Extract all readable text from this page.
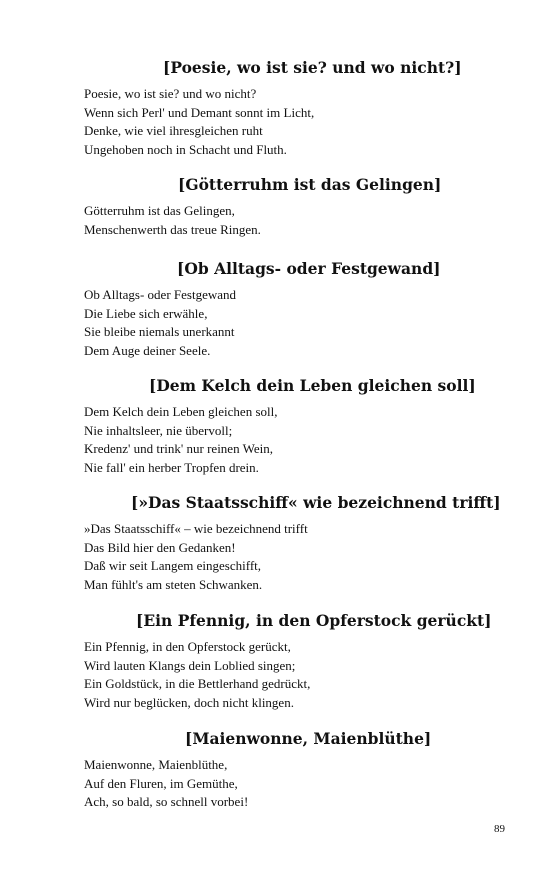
[Poesie, wo ist sie? und wo nicht?]
Poesie, wo ist sie? und wo nicht?
Wenn sich Perl' und Demant sonnt im Licht,
Denke, wie viel ihresgleichen ruht
Ungehoben noch in Schacht und Fluth.
[Götterruhm ist das Gelingen]
Götterruhm ist das Gelingen,
Menschenwerth das treue Ringen.
[Ob Alltags- oder Festgewand]
Ob Alltags- oder Festgewand
Die Liebe sich erwähle,
Sie bleibe niemals unerkannt
Dem Auge deiner Seele.
[Dem Kelch dein Leben gleichen soll]
Dem Kelch dein Leben gleichen soll,
Nie inhaltsleer, nie übervoll;
Kredenz' und trink' nur reinen Wein,
Nie fall' ein herber Tropfen drein.
[»Das Staatsschiff« wie bezeichnend trifft]
»Das Staatsschiff« – wie bezeichnend trifft
Das Bild hier den Gedanken!
Daß wir seit Langem eingeschifft,
Man fühlt's am steten Schwanken.
[Ein Pfennig, in den Opferstock gerückt]
Ein Pfennig, in den Opferstock gerückt,
Wird lauten Klangs dein Loblied singen;
Ein Goldstück, in die Bettlerhand gedrückt,
Wird nur beglücken, doch nicht klingen.
[Maienwonne, Maienblüthe]
Maienwonne, Maienblüthe,
Auf den Fluren, im Gemüthe,
Ach, so bald, so schnell vorbei!
89
